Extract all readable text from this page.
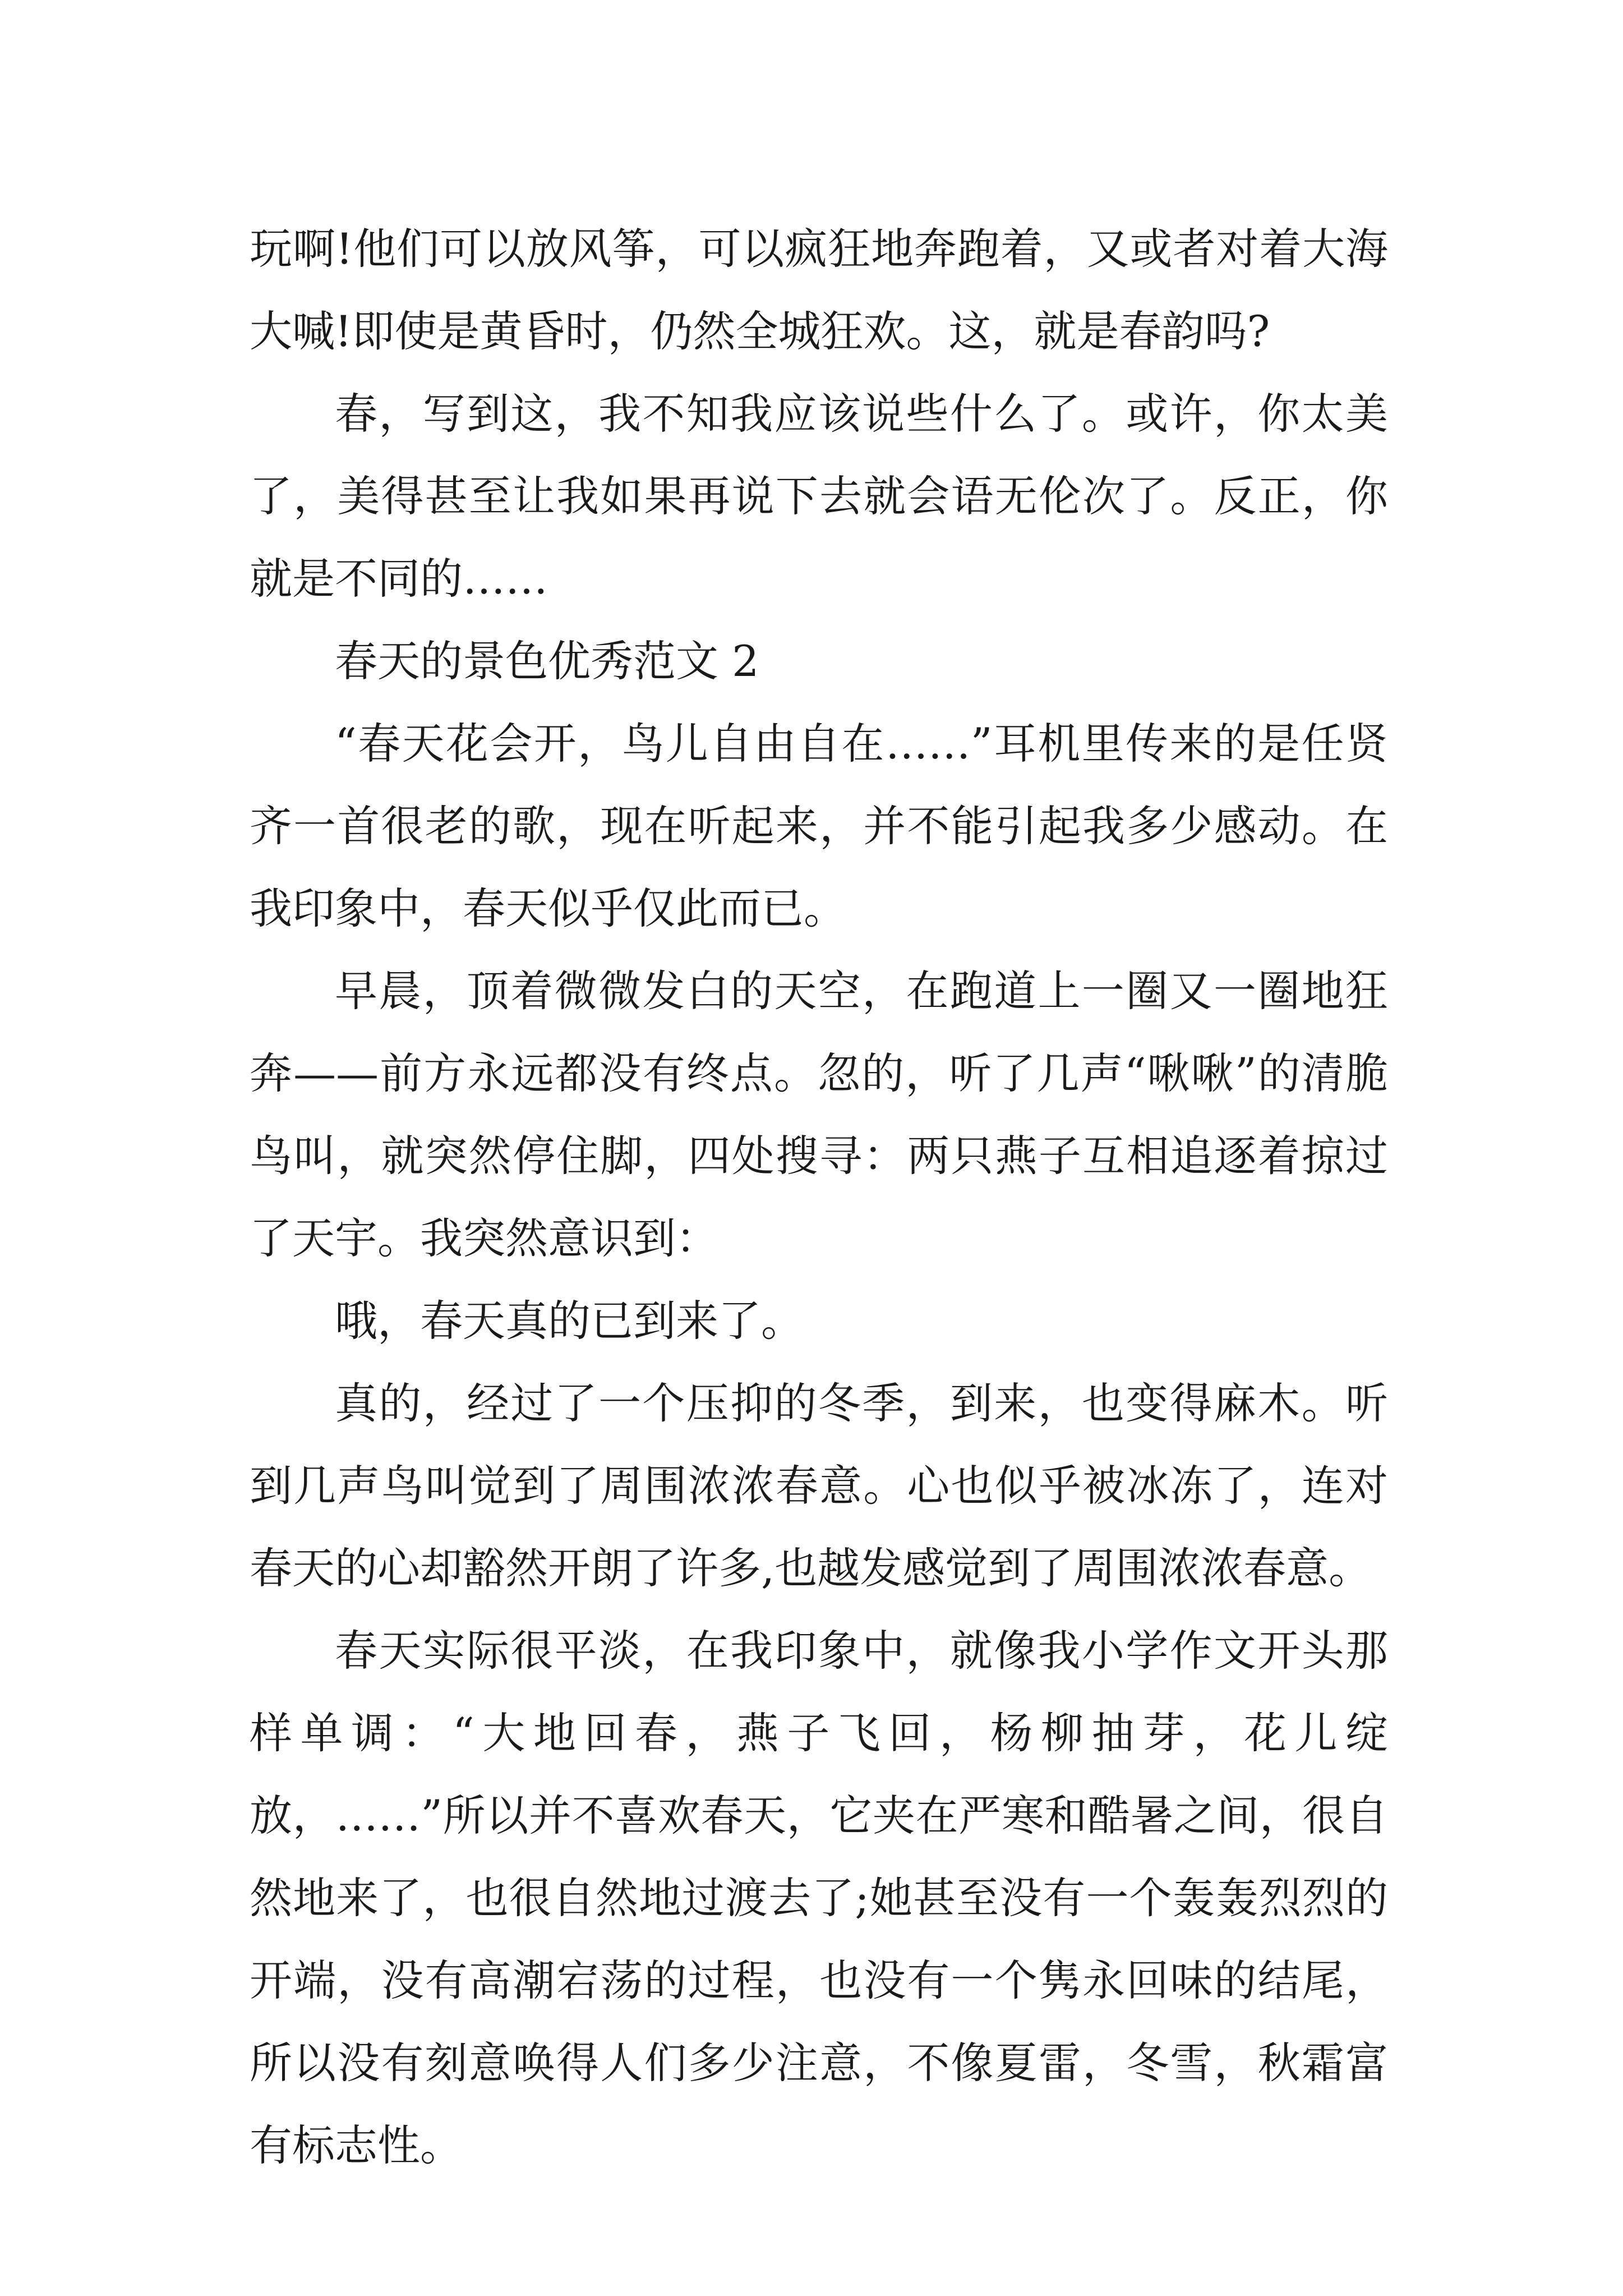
玩啊!他们可以放风筝，可以疯狂地奔跑着，又或者对着大海大喊!即使是黄昏时，仍然全城狂欢。这，就是春韵吗?

春，写到这，我不知我应该说些什么了。或许，你太美了，美得甚至让我如果再说下去就会语无伦次了。反正，你就是不同的……

春天的景色优秀范文 2

“春天花会开，鸟儿自由自在……”耳机里传来的是任贤齐一首很老的歌，现在听起来，并不能引起我多少感动。在我印象中，春天似乎仅此而已。

早晨，顶着微微发白的天空，在跑道上一圈又一圈地狂奔——前方永远都没有终点。忽的，听了几声“啾啾”的清脆鸟叫，就突然停住脚，四处搜寻：两只燕子互相追逐着掠过了天宇。我突然意识到：

哦，春天真的已到来了。

真的，经过了一个压抑的冬季，到来，也变得麻木。听到几声鸟叫觉到了周围浓浓春意。心也似乎被冰冻了，连对春天的心却豁然开朗了许多,也越发感觉到了周围浓浓春意。

春天实际很平淡，在我印象中，就像我小学作文开头那样单调：“大地回春，燕子飞回，杨柳抽芽，花儿绽放，……”所以并不喜欢春天，它夹在严寒和酷暑之间，很自然地来了，也很自然地过渡去了;她甚至没有一个轰轰烈烈的开端，没有高潮宕荡的过程，也没有一个隽永回味的结尾，所以没有刻意唤得人们多少注意，不像夏雷，冬雪，秋霜富有标志性。
